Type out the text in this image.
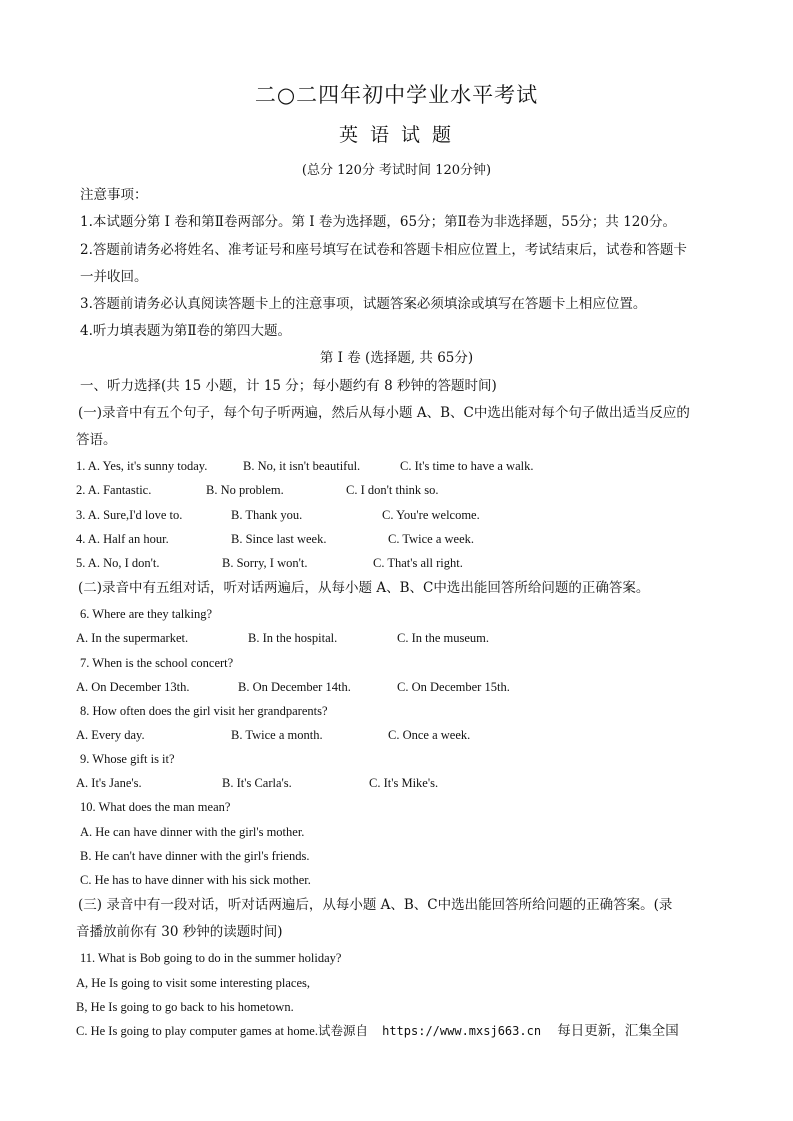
二○二四年初中学业水平考试
英 语 试 题
(总分 120分 考试时间 120分钟)
注意事项：
1.本试题分第 I 卷和第Ⅱ卷两部分。第 I 卷为选择题，65分；第Ⅱ卷为非选择题，55分；共 120分。
2.答题前请务必将姓名、准考证号和座号填写在试卷和答题卡相应位置上，考试结束后，试卷和答题卡
一并收回。
3.答题前请务必认真阅读答题卡上的注意事项，试题答案必须填涂或填写在答题卡上相应位置。
4.听力填表题为第Ⅱ卷的第四大题。
第 I 卷 (选择题, 共 65分)
一、听力选择(共 15 小题，计 15 分；每小题约有 8 秒钟的答题时间)
(一)录音中有五个句子，每个句子听两遍，然后从每小题 A、B、C中选出能对每个句子做出适当反应的
答语。
1. A. Yes, it's sunny today.	B. No, it isn't beautiful.	C. It's time to have a walk.
2. A. Fantastic.	B. No problem.	C. I don't think so.
3. A. Sure,I'd love to.	B. Thank you.	C. You're welcome.
4. A. Half an hour.	B. Since last week.	C. Twice a week.
5. A. No, I don't.	B. Sorry, I won't.	C. That's all right.
(二)录音中有五组对话，听对话两遍后，从每小题 A、B、C中选出能回答所给问题的正确答案。
6. Where are they talking?
A. In the supermarket.	B. In the hospital.	C. In the museum.
7. When is the school concert?
A. On December 13th.	B. On December 14th.	C. On December 15th.
8. How often does the girl visit her grandparents?
A. Every day.	B. Twice a month.	C. Once a week.
9. Whose gift is it?
A. It's Jane's.	B. It's Carla's.	C. It's Mike's.
10. What does the man mean?
A. He can have dinner with the girl's mother.
B. He can't have dinner with the girl's friends.
C. He has to have dinner with his sick mother.
(三) 录音中有一段对话，听对话两遍后，从每小题 A、B、C中选出能回答所给问题的正确答案。(录
音播放前你有 30 秒钟的读题时间)
11. What is Bob going to do in the summer holiday?
A, He Is going to visit some interesting places,
B, He Is going to go back to his hometown.
C. He Is going to play computer games at home.试卷源自 https://www.mxsj663.cn 每日更新，汇集全国
